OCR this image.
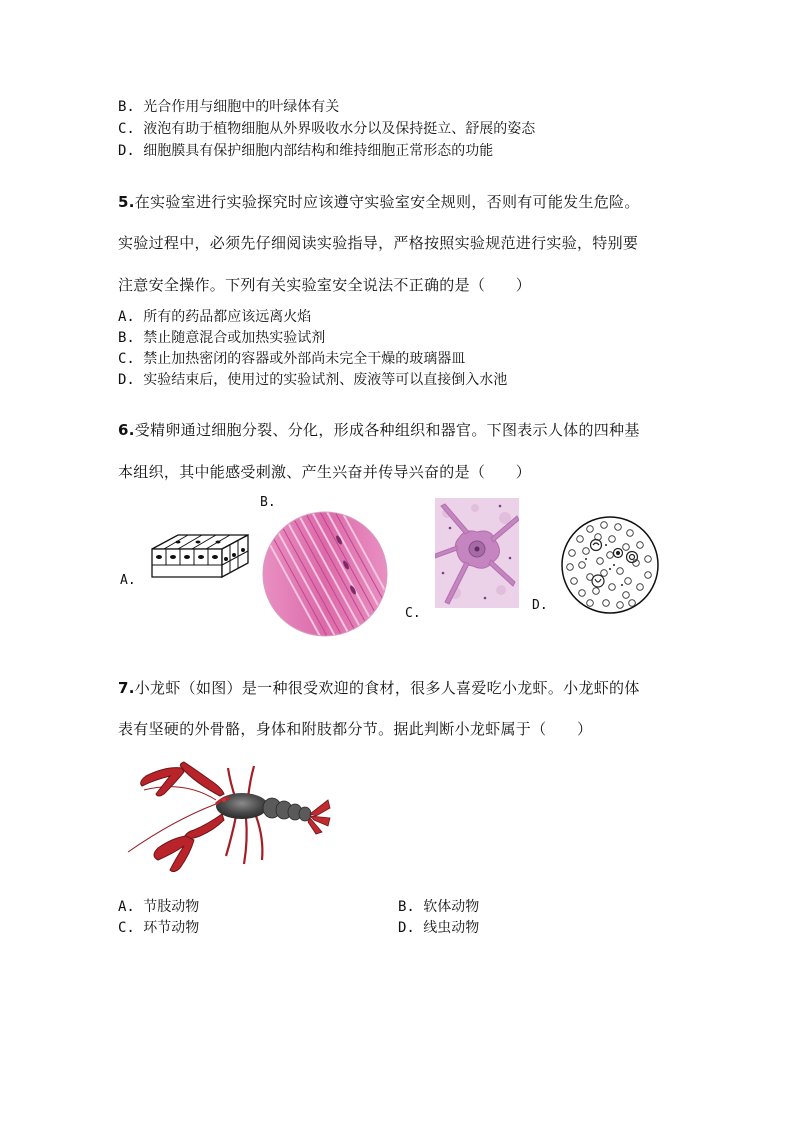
B. 光合作用与细胞中的叶绿体有关
C. 液泡有助于植物细胞从外界吸收水分以及保持挺立、舒展的姿态
D. 细胞膜具有保护细胞内部结构和维持细胞正常形态的功能
5.在实验室进行实验探究时应该遵守实验室安全规则，否则有可能发生危险。
实验过程中，必须先仔细阅读实验指导，严格按照实验规范进行实验，特别要
注意安全操作。下列有关实验室安全说法不正确的是（　　）
A. 所有的药品都应该远离火焰
B. 禁止随意混合或加热实验试剂
C. 禁止加热密闭的容器或外部尚未完全干燥的玻璃器皿
D. 实验结束后，使用过的实验试剂、废液等可以直接倒入水池
6.受精卵通过细胞分裂、分化，形成各种组织和器官。下图表示人体的四种基
本组织，其中能感受刺激、产生兴奋并传导兴奋的是（　　）
A.
B.
C.
D.
7.小龙虾（如图）是一种很受欢迎的食材，很多人喜爱吃小龙虾。小龙虾的体
表有坚硬的外骨骼，身体和附肢都分节。据此判断小龙虾属于（　　）
A. 节肢动物	B. 软体动物
C. 环节动物	D. 线虫动物
